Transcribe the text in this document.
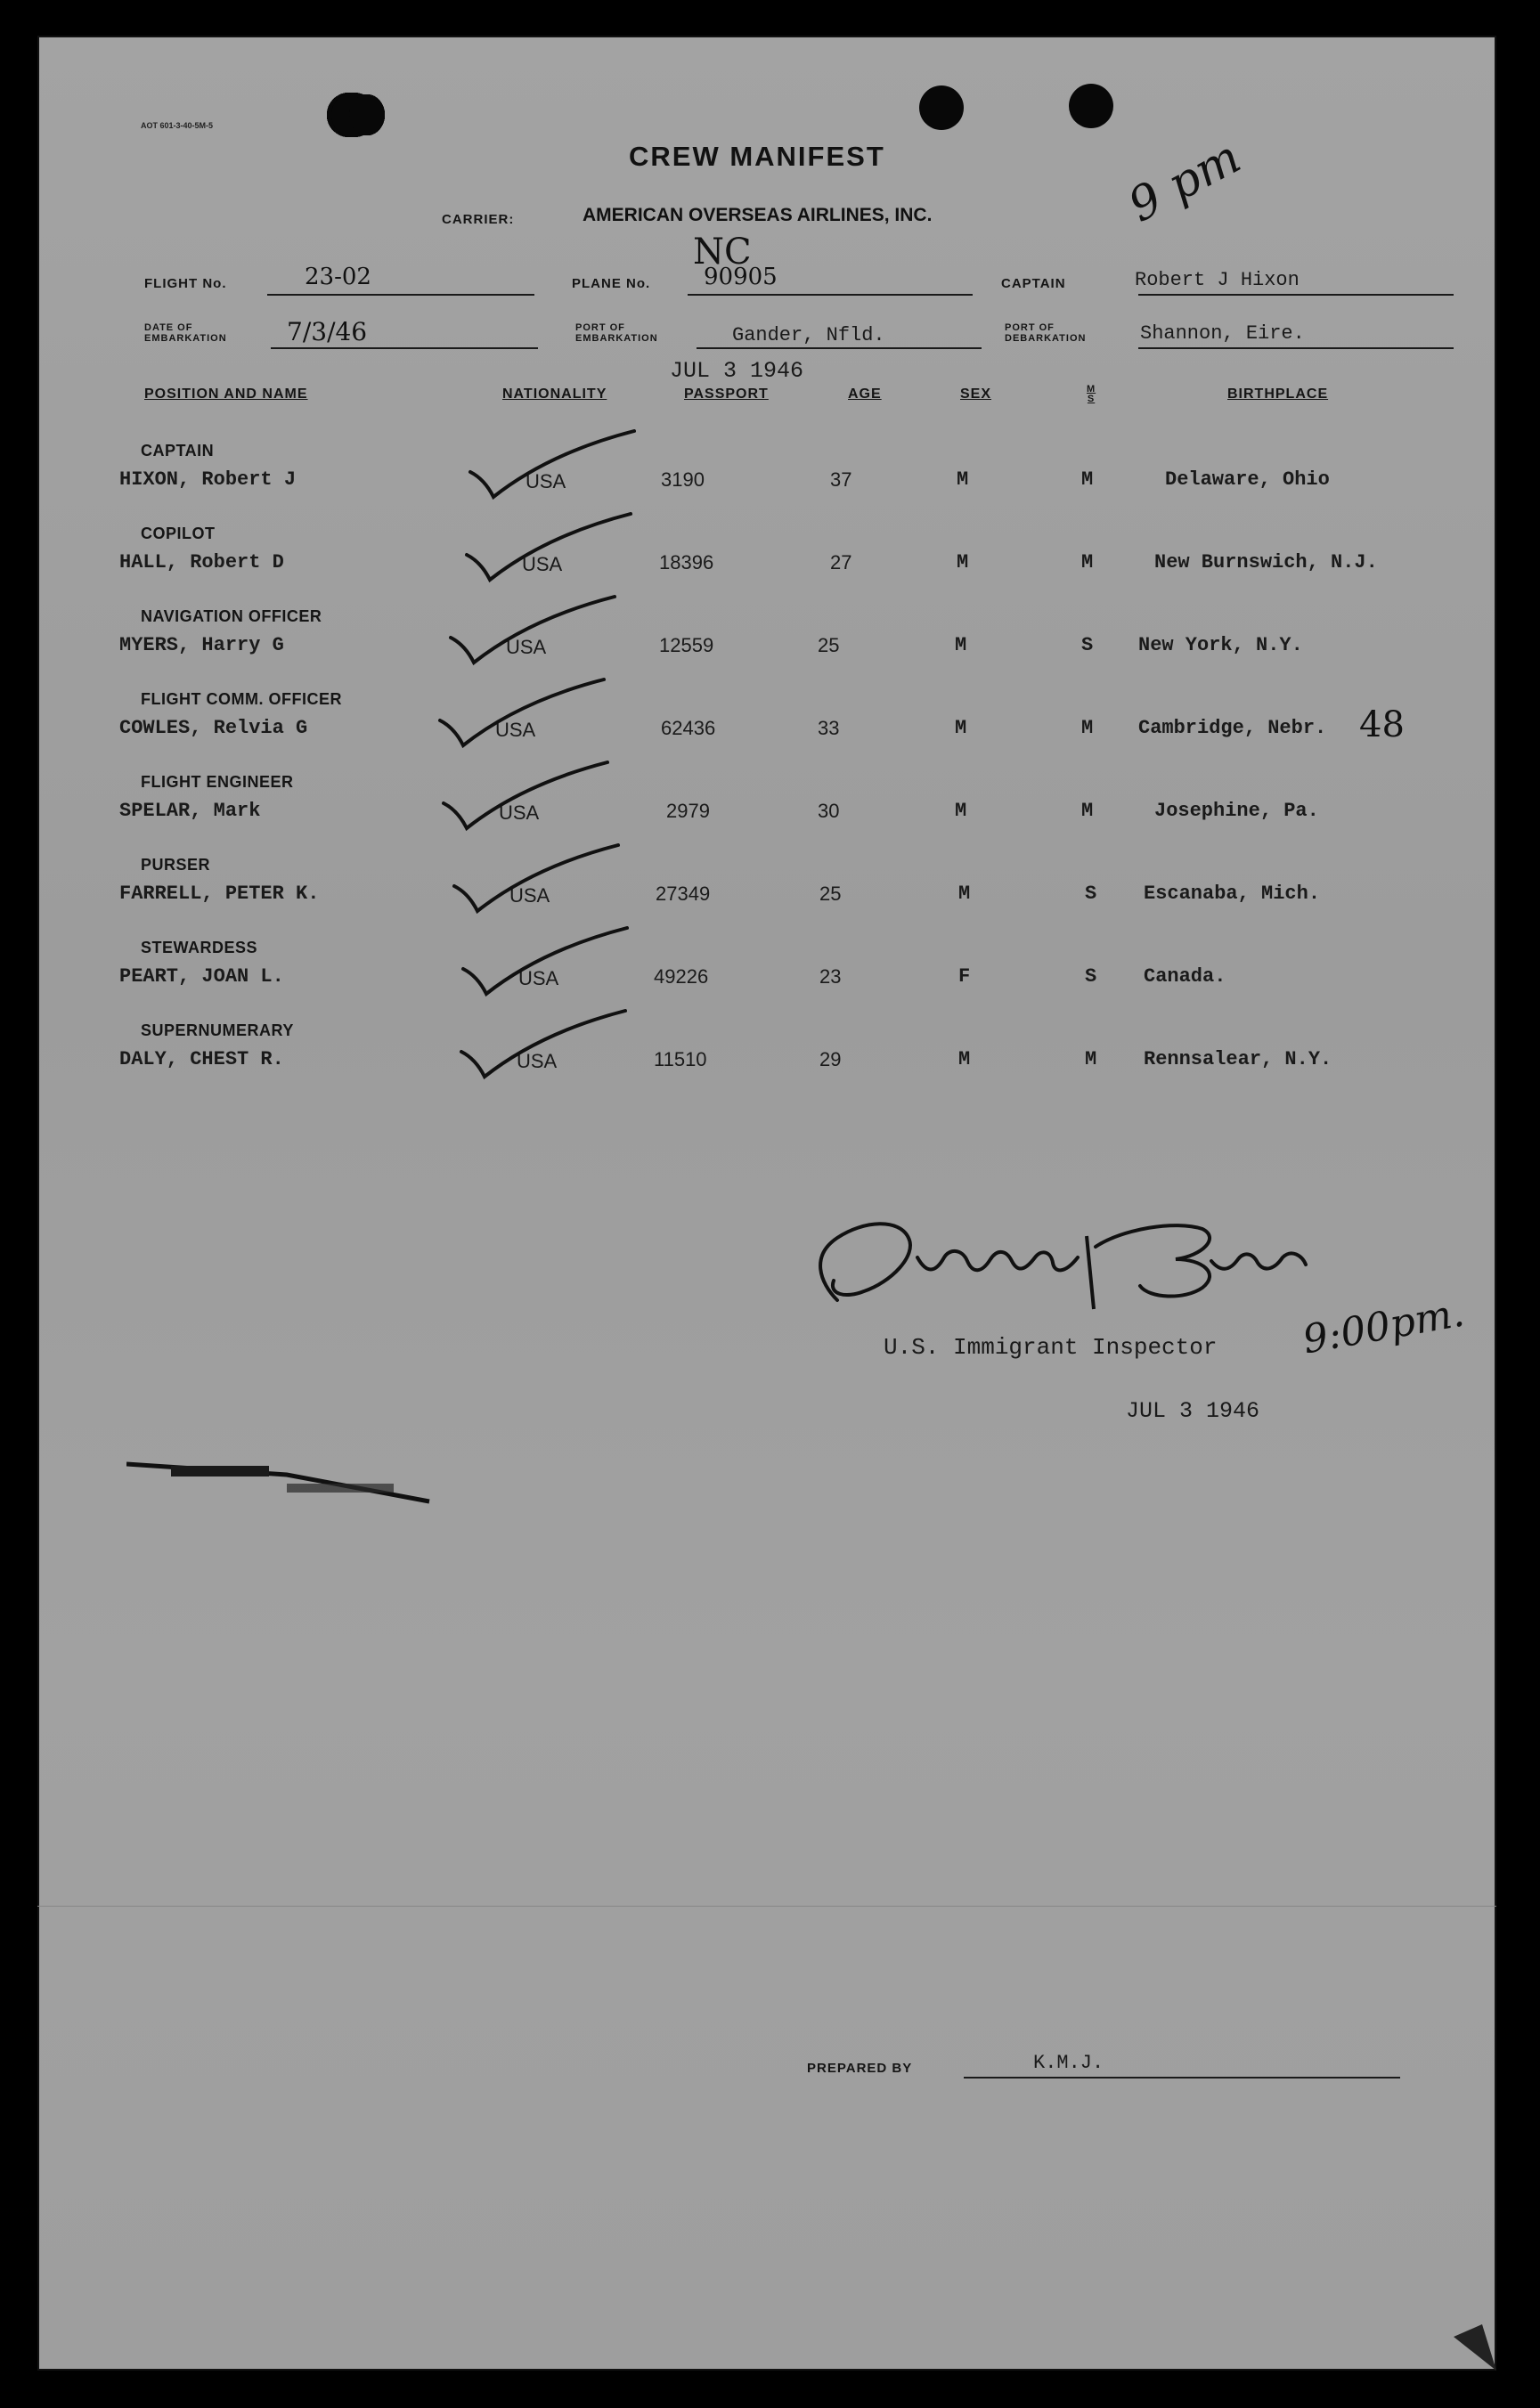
AOT 601-3-40-5M-5
CREW MANIFEST
CARRIER:	AMERICAN OVERSEAS AIRLINES, INC.	9 pm
FLIGHT No.	23-02	PLANE No.
NC
90905	CAPTAIN	Robert J Hixon
DATE OF
EMBARKATION 7/3/46	PORT OF
EMBARKATION	Gander, Nfld.	PORT OF
DEBARKATION	Shannon, Eire.
JUL 3 1946
POSITION AND NAME	NATIONALITY	PASSPORT	AGE	SEX	M
S	BIRTHPLACE
CAPTAIN
HIXON, Robert J	USA	3190	37	M	M	Delaware, Ohio
COPILOT
HALL, Robert D	USA	18396	27	M	M	New Burnswich, N.J.
NAVIGATION OFFICER
MYERS, Harry G	USA	12559	25	M	S New York, N.Y.
FLIGHT COMM. OFFICER
COWLES, Relvia G	USA	62436	33	M	M Cambridge, Nebr. 48
FLIGHT ENGINEER
SPELAR, Mark	USA	2979	30	M	M	Josephine, Pa.
PURSER
FARRELL, PETER K.	USA	27349	25	M	S Escanaba, Mich.
STEWARDESS
PEART, JOAN L.	USA	49226	23	F	S Canada.
SUPERNUMERARY
DALY, CHEST R.	USA	11510	29	M	M Rennsalear, N.Y.
9:00pm.
U.S. Immigrant Inspector
JUL 3 1946
PREPARED BY	K.M.J.
